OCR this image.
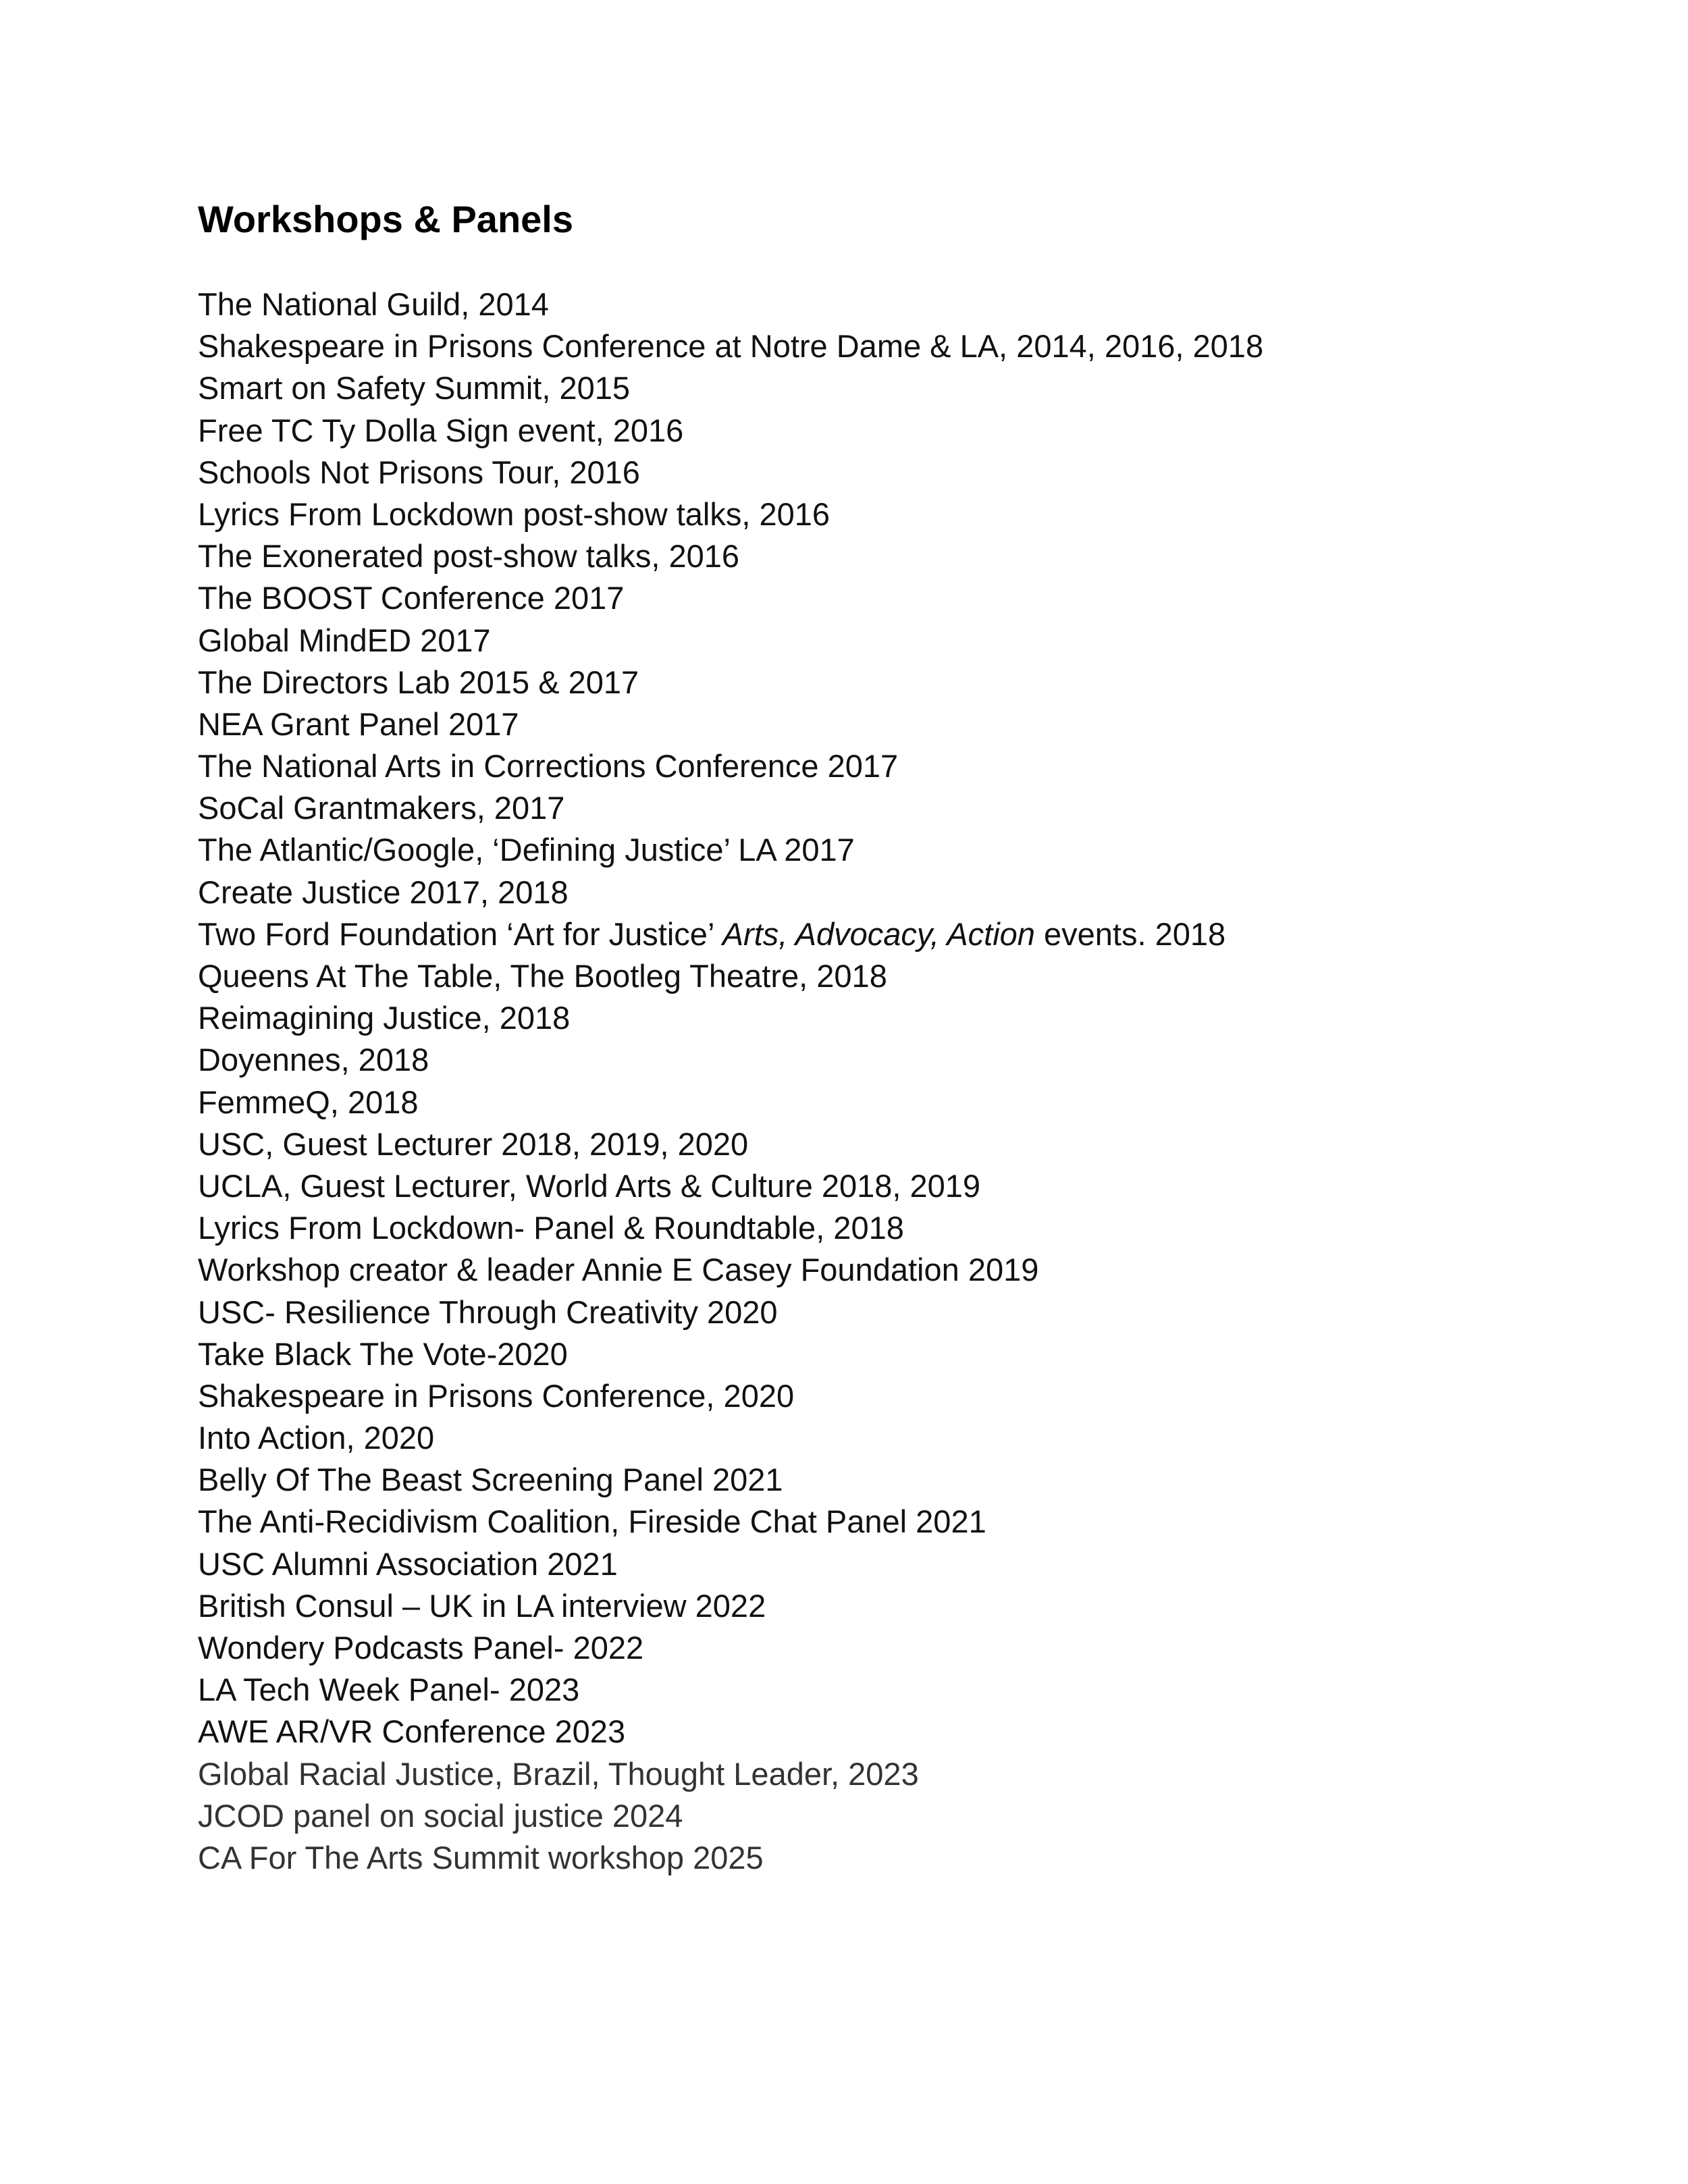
Workshops & Panels
The National Guild, 2014
Shakespeare in Prisons Conference at Notre Dame & LA, 2014, 2016, 2018
Smart on Safety Summit, 2015
Free TC Ty Dolla Sign event, 2016
Schools Not Prisons Tour, 2016
Lyrics From Lockdown post-show talks, 2016
The Exonerated post-show talks, 2016
The BOOST Conference 2017
Global MindED 2017
The Directors Lab 2015 & 2017
NEA Grant Panel 2017
The National Arts in Corrections Conference 2017
SoCal Grantmakers, 2017
The Atlantic/Google, ‘Defining Justice’ LA 2017
Create Justice 2017, 2018
Two Ford Foundation ‘Art for Justice’ Arts, Advocacy, Action events. 2018
Queens At The Table, The Bootleg Theatre, 2018
Reimagining Justice, 2018
Doyennes, 2018
FemmeQ, 2018
USC, Guest Lecturer 2018, 2019, 2020
UCLA, Guest Lecturer, World Arts & Culture 2018, 2019
Lyrics From Lockdown- Panel & Roundtable, 2018
Workshop creator & leader Annie E Casey Foundation 2019
USC- Resilience Through Creativity 2020
Take Black The Vote-2020
Shakespeare in Prisons Conference, 2020
Into Action, 2020
Belly Of The Beast Screening Panel 2021
The Anti-Recidivism Coalition, Fireside Chat Panel 2021
USC Alumni Association 2021
British Consul – UK in LA interview 2022
Wondery Podcasts Panel- 2022
LA Tech Week Panel- 2023
AWE AR/VR Conference 2023
Global Racial Justice, Brazil, Thought Leader, 2023
JCOD panel on social justice 2024
CA For The Arts Summit workshop 2025
